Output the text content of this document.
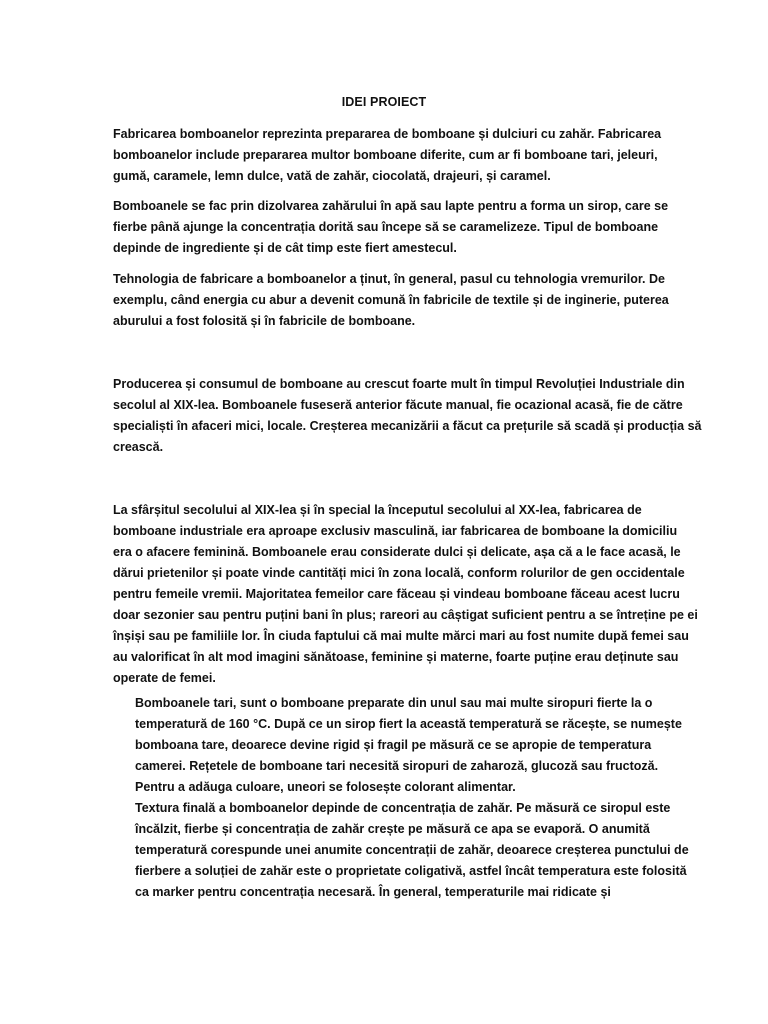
IDEI PROIECT
Fabricarea bomboanelor reprezinta prepararea de bomboane și dulciuri cu zahăr. Fabricarea
bomboanelor include prepararea multor bomboane diferite, cum ar fi bomboane tari, jeleuri,
gumă, caramele, lemn dulce, vată de zahăr, ciocolată, drajeuri, și caramel.
Bomboanele se fac prin dizolvarea zahărului în apă sau lapte pentru a forma un sirop, care se
fierbe până ajunge la concentrația dorită sau începe să se caramelizeze. Tipul de bomboane
depinde de ingrediente și de cât timp este fiert amestecul.
Tehnologia de fabricare a bomboanelor a ținut, în general, pasul cu tehnologia vremurilor. De
exemplu, când energia cu abur a devenit comună în fabricile de textile și de inginerie, puterea
aburului a fost folosită și în fabricile de bomboane.
Producerea și consumul de bomboane au crescut foarte mult în timpul Revoluției Industriale din
secolul al XIX-lea. Bomboanele fuseseră anterior făcute manual, fie ocazional acasă, fie de către
specialiști în afaceri mici, locale. Creșterea mecanizării a făcut ca prețurile să scadă și producția să
crească.
La sfârșitul secolului al XIX-lea și în special la începutul secolului al XX-lea, fabricarea de
bomboane industriale era aproape exclusiv masculină, iar fabricarea de bomboane la domiciliu
era o afacere feminină. Bomboanele erau considerate dulci și delicate, așa că a le face acasă, le
dărui prietenilor și poate vinde cantități mici în zona locală, conform rolurilor de gen occidentale
pentru femeile vremii. Majoritatea femeilor care făceau și vindeau bomboane făceau acest lucru
doar sezonier sau pentru puțini bani în plus; rareori au câștigat suficient pentru a se întreține pe ei
înșiși sau pe familiile lor. În ciuda faptului că mai multe mărci mari au fost numite după femei sau
au valorificat în alt mod imagini sănătoase, feminine și materne, foarte puține erau deținute sau
operate de femei.
Bomboanele tari, sunt o bomboane preparate din unul sau mai multe siropuri fierte la o
temperatură de 160 °C. După ce un sirop fiert la această temperatură se răcește, se numește
bomboana tare, deoarece devine rigid și fragil pe măsură ce se apropie de temperatura
camerei. Rețetele de bomboane tari necesită siropuri de zaharoză, glucoză sau fructoză.
Pentru a adăuga culoare, uneori se folosește colorant alimentar.
Textura finală a bomboanelor depinde de concentrația de zahăr. Pe măsură ce siropul este
încălzit, fierbe și concentrația de zahăr crește pe măsură ce apa se evaporă. O anumită
temperatură corespunde unei anumite concentrații de zahăr, deoarece creșterea punctului de
fierbere a soluției de zahăr este o proprietate coligativă, astfel încât temperatura este folosită
ca marker pentru concentrația necesară. În general, temperaturile mai ridicate și
